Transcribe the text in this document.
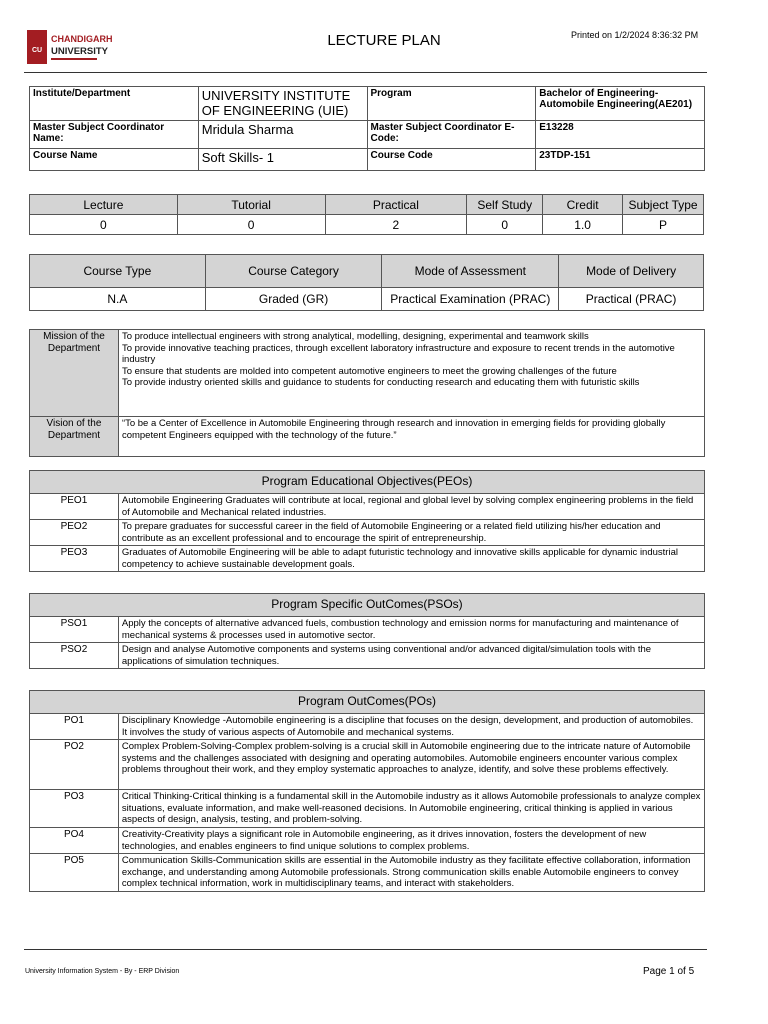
CU
CHANDIGARH
UNIVERSITY
LECTURE PLAN	Printed on 1/2/2024 8:36:32 PM
Institute/Department	UNIVERSITY INSTITUTE OF ENGINEERING (UIE)	Program	Bachelor of Engineering-Automobile Engineering(AE201)
Master Subject Coordinator Name:	Mridula Sharma	Master Subject Coordinator E-Code:	E13228
Course Name	Soft Skills- 1	Course Code	23TDP-151
Lecture	Tutorial	Practical	Self Study	Credit	Subject Type
0	0	2	0	1.0	P
Course Type	Course Category	Mode of Assessment	Mode of Delivery
N.A	Graded (GR)	Practical Examination (PRAC)	Practical (PRAC)
Mission of the Department	To produce intellectual engineers with strong analytical, modelling, designing, experimental and teamwork skills
To provide innovative teaching practices, through excellent laboratory infrastructure and exposure to recent trends in the automotive industry
To ensure that students are molded into competent automotive engineers to meet the growing challenges of the future
To provide industry oriented skills and guidance to students for conducting research and educating them with futuristic skills

Vision of the Department	“To be a Center of Excellence in Automobile Engineering through research and innovation in emerging fields for providing globally competent Engineers equipped with the technology of the future.”
Program Educational Objectives(PEOs)	
PEO1	Automobile Engineering Graduates will contribute at local, regional and global level by solving complex engineering problems in the field of Automobile and Mechanical related industries.
PEO2	To prepare graduates for successful career in the field of Automobile Engineering or a related field utilizing his/her education and contribute as an excellent professional and to encourage the spirit of entrepreneurship.
PEO3	Graduates of Automobile Engineering will be able to adapt futuristic technology and innovative skills applicable for dynamic industrial competency to achieve sustainable development goals.
Program Specific OutComes(PSOs)	
PSO1	Apply the concepts of alternative advanced fuels, combustion technology and emission norms for manufacturing and maintenance of mechanical systems & processes used in automotive sector.
PSO2	Design and analyse Automotive components and systems using conventional and/or advanced digital/simulation tools with the applications of simulation techniques.
Program OutComes(POs)	
PO1	Disciplinary Knowledge -Automobile engineering is a discipline that focuses on the design, development, and production of automobiles. It involves the study of various aspects of Automobile and mechanical systems.
PO2	Complex Problem-Solving-Complex problem-solving is a crucial skill in Automobile engineering due to the intricate nature of Automobile systems and the challenges associated with designing and operating automobiles. Automobile engineers encounter various complex problems throughout their work, and they employ systematic approaches to analyze, identify, and solve these problems effectively.
PO3	Critical Thinking-Critical thinking is a fundamental skill in the Automobile industry as it allows Automobile professionals to analyze complex situations, evaluate information, and make well-reasoned decisions. In Automobile engineering, critical thinking is applied in various aspects of design, analysis, testing, and problem-solving.
PO4	Creativity-Creativity plays a significant role in Automobile engineering, as it drives innovation, fosters the development of new technologies, and enables engineers to find unique solutions to complex problems.
PO5	Communication Skills-Communication skills are essential in the Automobile industry as they facilitate effective collaboration, information exchange, and understanding among Automobile professionals. Strong communication skills enable Automobile engineers to convey complex technical information, work in multidisciplinary teams, and interact with stakeholders.
University Information System - By - ERP Division	Page 1 of 5
